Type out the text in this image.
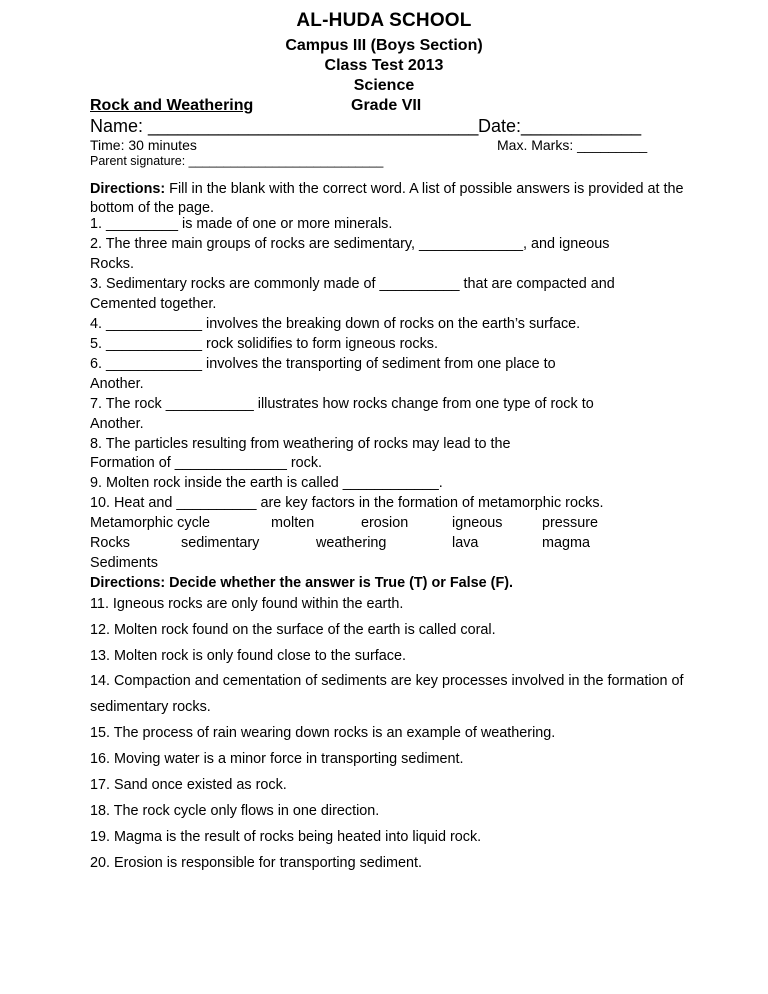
AL-HUDA SCHOOL
Campus III (Boys Section)
Class Test 2013
Science
Rock and Weathering	Grade VII
Name: _________________________________ Date:____________
Time: 30 minutes	Max. Marks: _________
Parent signature: ____________________________
Directions: Fill in the blank with the correct word. A list of possible answers is provided at the
bottom of the page.
1. _________ is made of one or more minerals.
2. The three main groups of rocks are sedimentary, _____________, and igneous
Rocks.
3. Sedimentary rocks are commonly made of __________ that are compacted and
Cemented together.
4. ____________ involves the breaking down of rocks on the earth’s surface.
5. ____________ rock solidifies to form igneous rocks.
6. ____________ involves the transporting of sediment from one place to
Another.
7. The rock ___________ illustrates how rocks change from one type of rock to
Another.
8. The particles resulting from weathering of rocks may lead to the
Formation of ______________ rock.
9. Molten rock inside the earth is called ____________.
10. Heat and __________ are key factors in the formation of metamorphic rocks.
Metamorphic cycle	molten	erosion	igneous	pressure
Rocks	sedimentary	weathering	lava	magma
Sediments
Directions: Decide whether the answer is True (T) or False (F).
11. Igneous rocks are only found within the earth.
12. Molten rock found on the surface of the earth is called coral.
13. Molten rock is only found close to the surface.
14. Compaction and cementation of sediments are key processes involved in the formation of
sedimentary rocks.
15. The process of rain wearing down rocks is an example of weathering.
16. Moving water is a minor force in transporting sediment.
17. Sand once existed as rock.
18. The rock cycle only flows in one direction.
19. Magma is the result of rocks being heated into liquid rock.
20. Erosion is responsible for transporting sediment.
